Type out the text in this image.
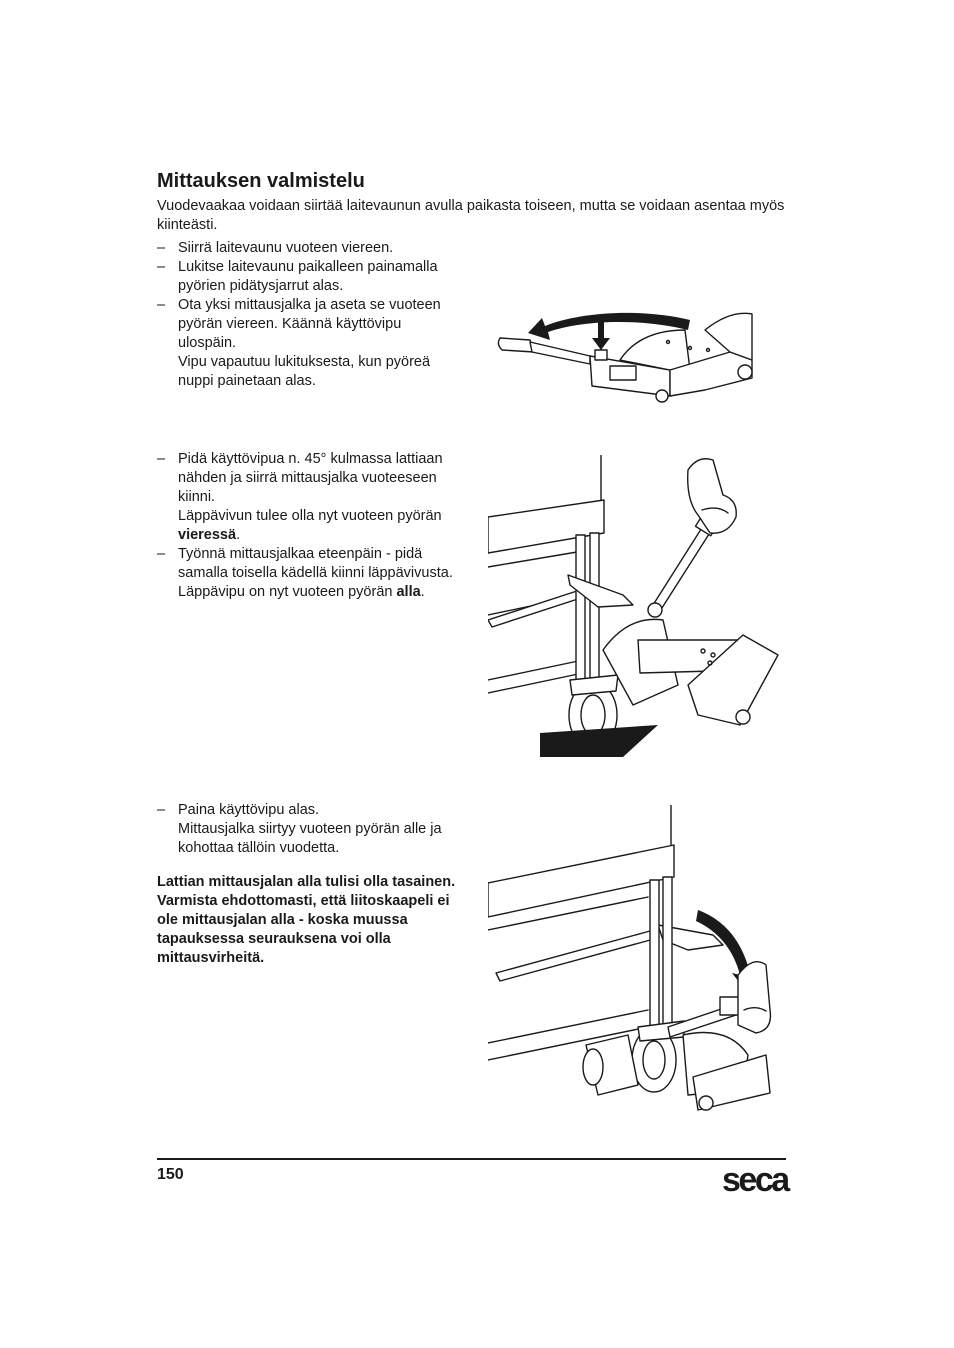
Mittauksen valmistelu

Vuodevaakaa voidaan siirtää laitevaunun avulla paikasta toiseen, mutta se voidaan asentaa myös kiinteästi.

– Siirrä laitevaunu vuoteen viereen.
– Lukitse laitevaunu paikalleen painamalla pyörien pidätysjarrut alas.
– Ota yksi mittausjalka ja aseta se vuoteen pyörän viereen. Käännä käyttövipu ulospäin.

Vipu vapautuu lukituksesta, kun pyöreä nuppi painetaan alas.

– Pidä käyttövipua n. 45° kulmassa lattiaan nähden ja siirrä mittausjalka vuoteeseen kiinni.

Läppävivun tulee olla nyt vuoteen pyörän vieressä.

– Työnnä mittausjalkaa eteenpäin - pidä samalla toisella kädellä kiinni läppävivusta.

Läppävipu on nyt vuoteen pyörän alla.

– Paina käyttövipu alas.

Mittausjalka siirtyy vuoteen pyörän alle ja kohottaa tällöin vuodetta.

Lattian mittausjalan alla tulisi olla tasainen. Varmista ehdottomasti, että liitoskaapeli ei ole mittausjalan alla - koska muussa tapauksessa seurauksena voi olla mittausvirheitä.

150	seca
